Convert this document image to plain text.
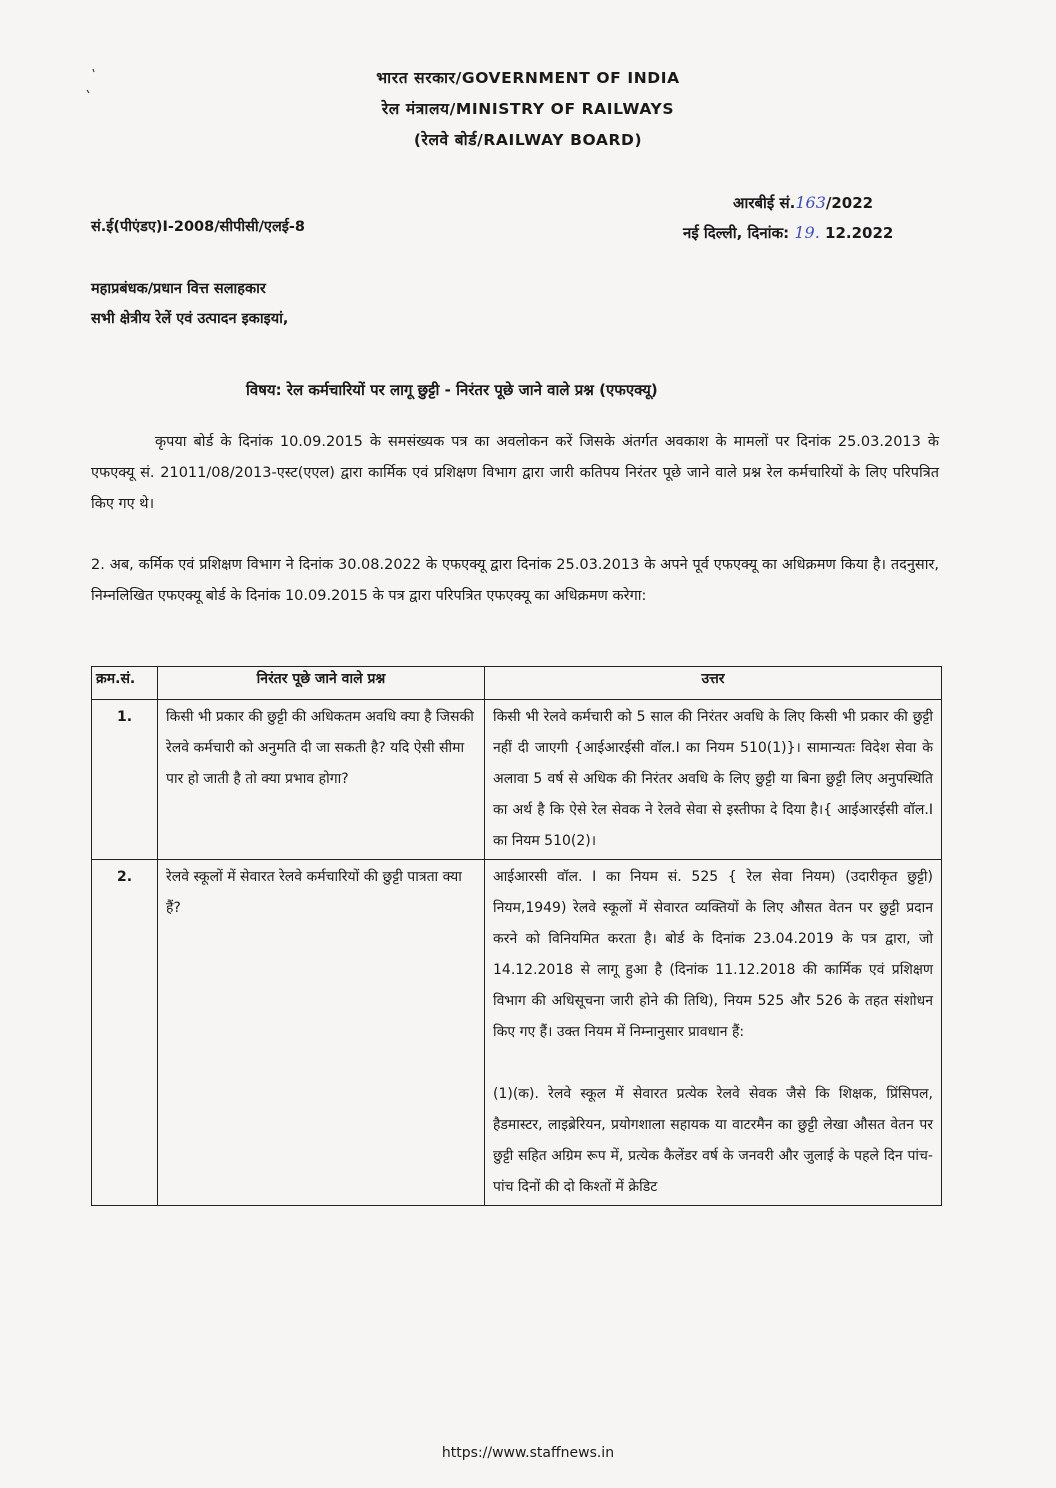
भारत सरकार/GOVERNMENT OF INDIA
रेल मंत्रालय/MINISTRY OF RAILWAYS
(रेलवे बोर्ड/RAILWAY BOARD)
सं.ई(पीएंडए)I-2008/सीपीसी/एलई-8
आरबीई सं.163/2022
नई दिल्ली, दिनांक: 19. 12.2022
महाप्रबंधक/प्रधान वित्त सलाहकार
सभी क्षेत्रीय रेलें एवं उत्पादन इकाइयां,
विषय: रेल कर्मचारियों पर लागू छुट्टी - निरंतर पूछे जाने वाले प्रश्न (एफएक्यू)
कृपया बोर्ड के दिनांक 10.09.2015 के समसंख्यक पत्र का अवलोकन करें जिसके अंतर्गत अवकाश के मामलों पर दिनांक 25.03.2013 के एफएक्यू सं. 21011/08/2013-एस्ट(एएल) द्वारा कार्मिक एवं प्रशिक्षण विभाग द्वारा जारी कतिपय निरंतर पूछे जाने वाले प्रश्न रेल कर्मचारियों के लिए परिपत्रित किए गए थे।
2. अब, कर्मिक एवं प्रशिक्षण विभाग ने दिनांक 30.08.2022 के एफएक्यू द्वारा दिनांक 25.03.2013 के अपने पूर्व एफएक्यू का अधिक्रमण किया है। तदनुसार, निम्नलिखित एफएक्यू बोर्ड के दिनांक 10.09.2015 के पत्र द्वारा परिपत्रित एफएक्यू का अधिक्रमण करेगा:
क्रम.सं.	निरंतर पूछे जाने वाले प्रश्न	उत्तर
1.	किसी भी प्रकार की छुट्टी की अधिकतम अवधि क्या है जिसकी रेलवे कर्मचारी को अनुमति दी जा सकती है? यदि ऐसी सीमा पार हो जाती है तो क्या प्रभाव होगा?	किसी भी रेलवे कर्मचारी को 5 साल की निरंतर अवधि के लिए किसी भी प्रकार की छुट्टी नहीं दी जाएगी {आईआरईसी वॉल.I का नियम 510(1)}। सामान्यतः विदेश सेवा के अलावा 5 वर्ष से अधिक की निरंतर अवधि के लिए छुट्टी या बिना छुट्टी लिए अनुपस्थिति का अर्थ है कि ऐसे रेल सेवक ने रेलवे सेवा से इस्तीफा दे दिया है।{ आईआरईसी वॉल.I का नियम 510(2)।
2.	रेलवे स्कूलों में सेवारत रेलवे कर्मचारियों की छुट्टी पात्रता क्या हैं?	आईआरसी वॉल. I का नियम सं. 525 { रेल सेवा नियम) (उदारीकृत छुट्टी) नियम,1949) रेलवे स्कूलों में सेवारत व्यक्तियों के लिए औसत वेतन पर छुट्टी प्रदान करने को विनियमित करता है। बोर्ड के दिनांक 23.04.2019 के पत्र द्वारा, जो 14.12.2018 से लागू हुआ है (दिनांक 11.12.2018 की कार्मिक एवं प्रशिक्षण विभाग की अधिसूचना जारी होने की तिथि), नियम 525 और 526 के तहत संशोधन किए गए हैं। उक्त नियम में निम्नानुसार प्रावधान हैं:
(1)(क). रेलवे स्कूल में सेवारत प्रत्येक रेलवे सेवक जैसे कि शिक्षक, प्रिंसिपल, हैडमास्टर, लाइब्रेरियन, प्रयोगशाला सहायक या वाटरमैन का छुट्टी लेखा औसत वेतन पर छुट्टी सहित अग्रिम रूप में, प्रत्येक कैलेंडर वर्ष के जनवरी और जुलाई के पहले दिन पांच-पांच दिनों की दो किश्तों में क्रेडिट
https://www.staffnews.in
